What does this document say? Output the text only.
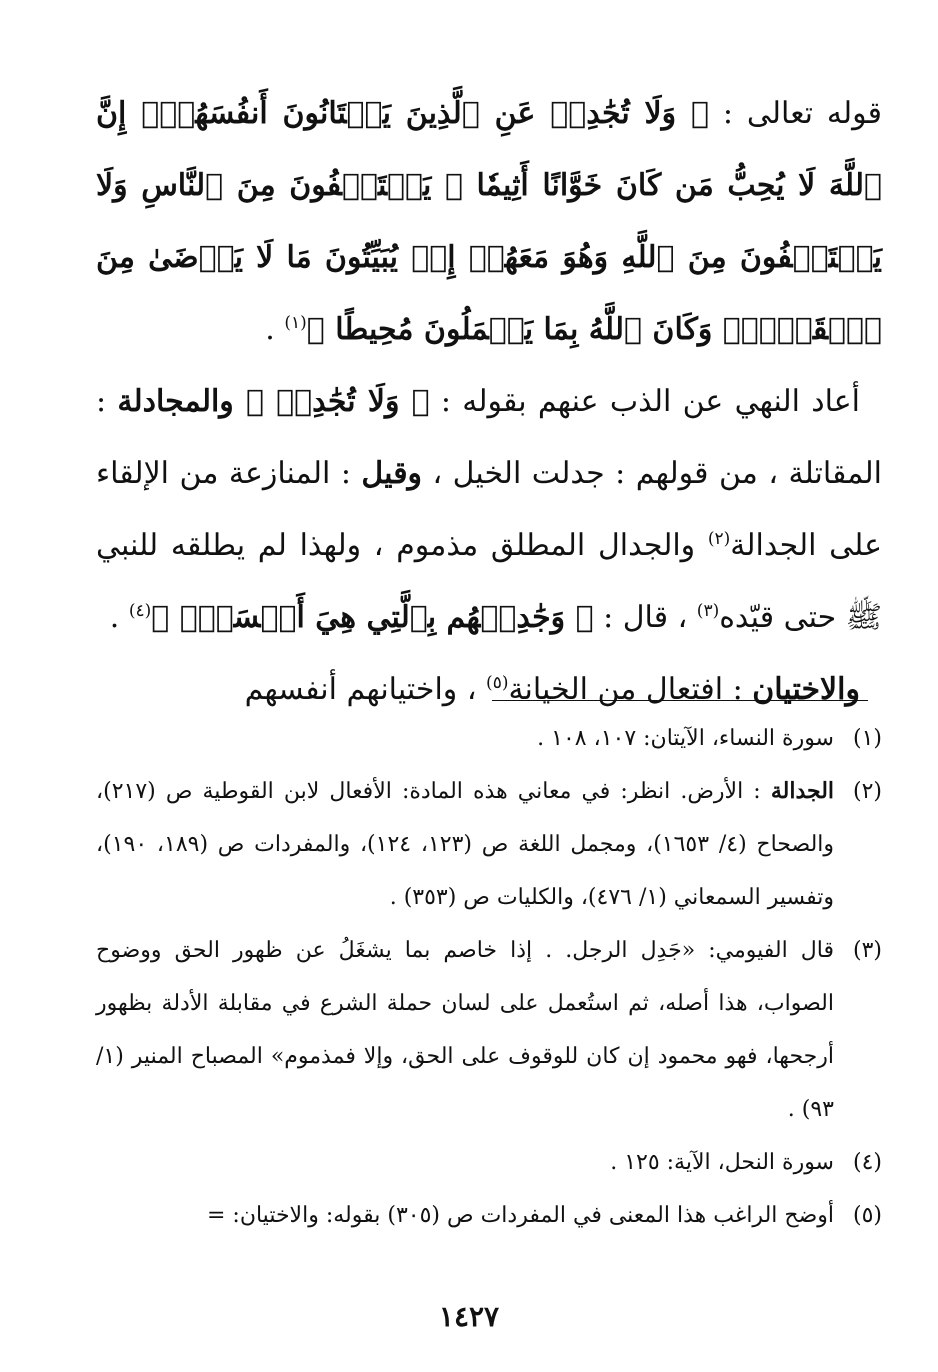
قوله تعالى : ﴿ وَلَا تُجَٰدِلۡ عَنِ ٱلَّذِينَ يَخۡتَانُونَ أَنفُسَهُمۡۚ إِنَّ ٱللَّهَ لَا يُحِبُّ مَن كَانَ خَوَّانًا أَثِيمٗا ۞ يَسۡتَخۡفُونَ مِنَ ٱلنَّاسِ وَلَا يَسۡتَخۡفُونَ مِنَ ٱللَّهِ وَهُوَ مَعَهُمۡ إِذۡ يُبَيِّتُونَ مَا لَا يَرۡضَىٰ مِنَ ٱلۡقَوۡلِۚ وَكَانَ ٱللَّهُ بِمَا يَعۡمَلُونَ مُحِيطًا ﴾$^{(١)}$ .

أعاد النهي عن الذب عنهم بقوله : ﴿ وَلَا تُجَٰدِلۡ ﴾ والمجادلة : المقاتلة ، من قولهم : جدلت الخيل ، وقيل : المنازعة من الإلقاء على الجدالة$^{(٢)}$ والجدال المطلق مذموم ، ولهذا لم يطلقه للنبي ﷺ حتى قيّده$^{(٣)}$ ، قال : ﴿ وَجَٰدِلۡهُم بِٱلَّتِي هِيَ أَحۡسَنُۚ ﴾$^{(٤)}$ .

والاختيان : افتعال من الخيانة$^{(٥)}$ ، واختيانهم أنفسهم

(١)
سورة النساء، الآيتان: ١٠٧، ١٠٨ .

(٢)
الجدالة : الأرض. انظر: في معاني هذه المادة: الأفعال لابن القوطية ص (٢١٧)، والصحاح (٤/ ١٦٥٣)، ومجمل اللغة ص (١٢٣، ١٢٤)، والمفردات ص (١٨٩، ١٩٠)، وتفسير السمعاني (١/ ٤٧٦)، والكليات ص (٣٥٣) .

(٣)
قال الفيومي: «جَدِل الرجل. . إذا خاصم بما يشغَلُ عن ظهور الحق ووضوح الصواب، هذا أصله، ثم استُعمل على لسان حملة الشرع في مقابلة الأدلة بظهور أرجحها، فهو محمود إن كان للوقوف على الحق، وإلا فمذموم» المصباح المنير (١/ ٩٣) .

(٤)
سورة النحل، الآية: ١٢٥ .

(٥)
أوضح الراغب هذا المعنى في المفردات ص (٣٠٥) بقوله: والاختيان: =

١٤٢٧
